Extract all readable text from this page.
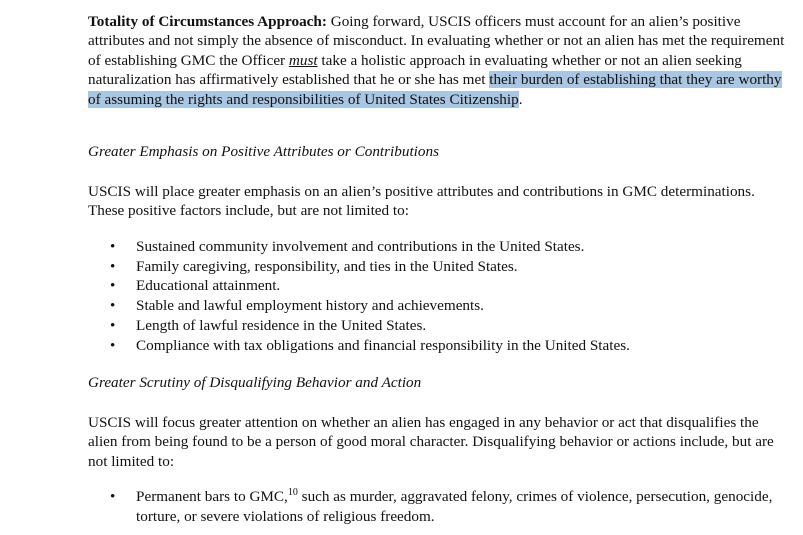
Totality of Circumstances Approach: Going forward, USCIS officers must account for an alien’s positive attributes and not simply the absence of misconduct. In evaluating whether or not an alien has met the requirement of establishing GMC the Officer must take a holistic approach in evaluating whether or not an alien seeking naturalization has affirmatively established that he or she has met their burden of establishing that they are worthy of assuming the rights and responsibilities of United States Citizenship.

Greater Emphasis on Positive Attributes or Contributions

USCIS will place greater emphasis on an alien’s positive attributes and contributions in GMC determinations. These positive factors include, but are not limited to:

• Sustained community involvement and contributions in the United States.
• Family caregiving, responsibility, and ties in the United States.
• Educational attainment.
• Stable and lawful employment history and achievements.
• Length of lawful residence in the United States.
• Compliance with tax obligations and financial responsibility in the United States.

Greater Scrutiny of Disqualifying Behavior and Action

USCIS will focus greater attention on whether an alien has engaged in any behavior or act that disqualifies the alien from being found to be a person of good moral character. Disqualifying behavior or actions include, but are not limited to:

• Permanent bars to GMC,$^{10}$ such as murder, aggravated felony, crimes of violence, persecution, genocide, torture, or severe violations of religious freedom.
